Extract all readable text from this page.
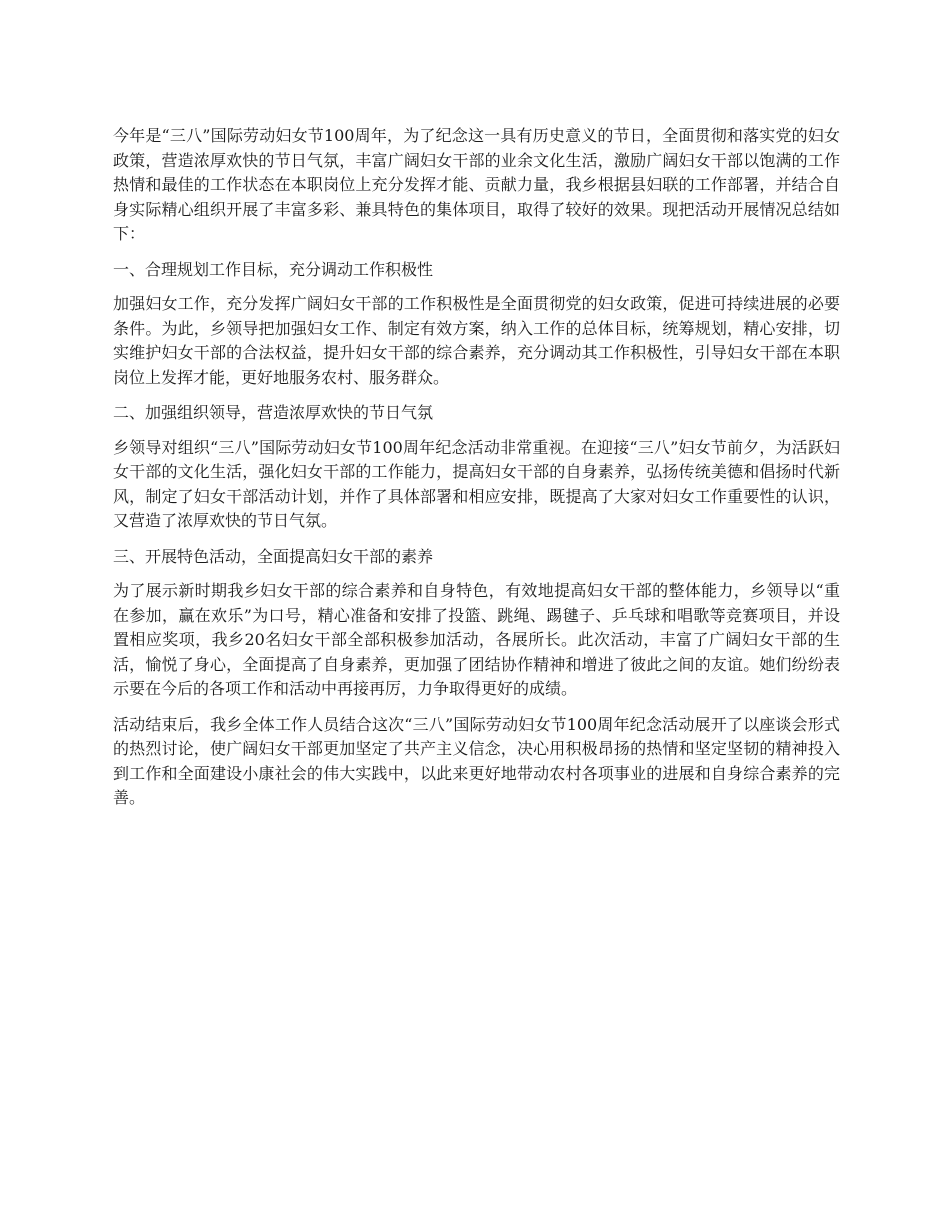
今年是“三八”国际劳动妇女节100周年，为了纪念这一具有历史意义的节日，全面贯彻和落实党的妇女政策，营造浓厚欢快的节日气氛，丰富广阔妇女干部的业余文化生活，激励广阔妇女干部以饱满的工作热情和最佳的工作状态在本职岗位上充分发挥才能、贡献力量，我乡根据县妇联的工作部署，并结合自身实际精心组织开展了丰富多彩、兼具特色的集体项目，取得了较好的效果。现把活动开展情况总结如下：

一、合理规划工作目标，充分调动工作积极性

加强妇女工作，充分发挥广阔妇女干部的工作积极性是全面贯彻党的妇女政策，促进可持续进展的必要条件。为此，乡领导把加强妇女工作、制定有效方案，纳入工作的总体目标，统筹规划，精心安排，切实维护妇女干部的合法权益，提升妇女干部的综合素养，充分调动其工作积极性，引导妇女干部在本职岗位上发挥才能，更好地服务农村、服务群众。

二、加强组织领导，营造浓厚欢快的节日气氛

乡领导对组织“三八”国际劳动妇女节100周年纪念活动非常重视。在迎接“三八”妇女节前夕，为活跃妇女干部的文化生活，强化妇女干部的工作能力，提高妇女干部的自身素养，弘扬传统美德和倡扬时代新风，制定了妇女干部活动计划，并作了具体部署和相应安排，既提高了大家对妇女工作重要性的认识，又营造了浓厚欢快的节日气氛。

三、开展特色活动，全面提高妇女干部的素养

为了展示新时期我乡妇女干部的综合素养和自身特色，有效地提高妇女干部的整体能力，乡领导以“重在参加，赢在欢乐”为口号，精心准备和安排了投篮、跳绳、踢毽子、乒乓球和唱歌等竞赛项目，并设置相应奖项，我乡20名妇女干部全部积极参加活动，各展所长。此次活动，丰富了广阔妇女干部的生活，愉悦了身心，全面提高了自身素养，更加强了团结协作精神和增进了彼此之间的友谊。她们纷纷表示要在今后的各项工作和活动中再接再厉，力争取得更好的成绩。

活动结束后，我乡全体工作人员结合这次“三八”国际劳动妇女节100周年纪念活动展开了以座谈会形式的热烈讨论，使广阔妇女干部更加坚定了共产主义信念，决心用积极昂扬的热情和坚定坚韧的精神投入到工作和全面建设小康社会的伟大实践中，以此来更好地带动农村各项事业的进展和自身综合素养的完善。
